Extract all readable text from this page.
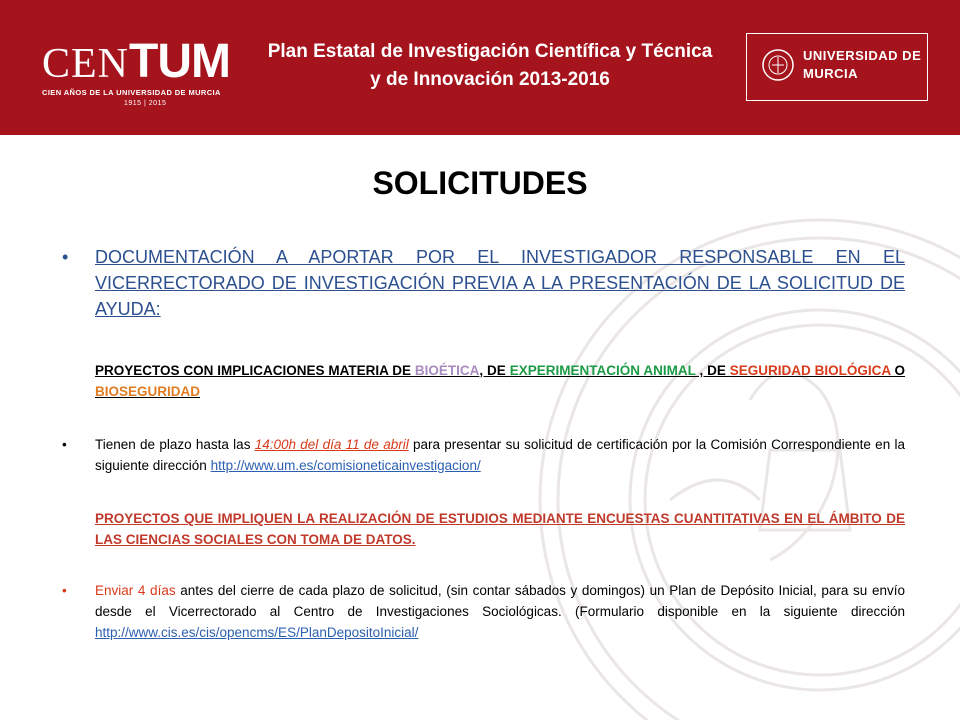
CENTUM
CIEN AÑOS DE LA UNIVERSIDAD DE MURCIA
1915 | 2015
Plan Estatal de Investigación Científica y Técnica
y de Innovación 2013-2016
UNIVERSIDAD DE
MURCIA
SOLICITUDES
• DOCUMENTACIÓN A APORTAR POR EL INVESTIGADOR RESPONSABLE EN EL VICERRECTORADO DE INVESTIGACIÓN PREVIA A LA PRESENTACIÓN DE LA SOLICITUD DE AYUDA:
PROYECTOS CON IMPLICACIONES MATERIA DE BIOÉTICA, DE EXPERIMENTACIÓN ANIMAL , DE SEGURIDAD BIOLÓGICA O BIOSEGURIDAD
• Tienen de plazo hasta las 14:00h del día 11 de abril para presentar su solicitud de certificación por la Comisión Correspondiente en la siguiente dirección http://www.um.es/comisioneticainvestigacion/
PROYECTOS QUE IMPLIQUEN LA REALIZACIÓN DE ESTUDIOS MEDIANTE ENCUESTAS CUANTITATIVAS EN EL ÁMBITO DE LAS CIENCIAS SOCIALES CON TOMA DE DATOS.
• Enviar 4 días antes del cierre de cada plazo de solicitud, (sin contar sábados y domingos) un Plan de Depósito Inicial, para su envío desde el Vicerrectorado al Centro de Investigaciones Sociológicas. (Formulario disponible en la siguiente dirección http://www.cis.es/cis/opencms/ES/PlanDepositoInicial/
